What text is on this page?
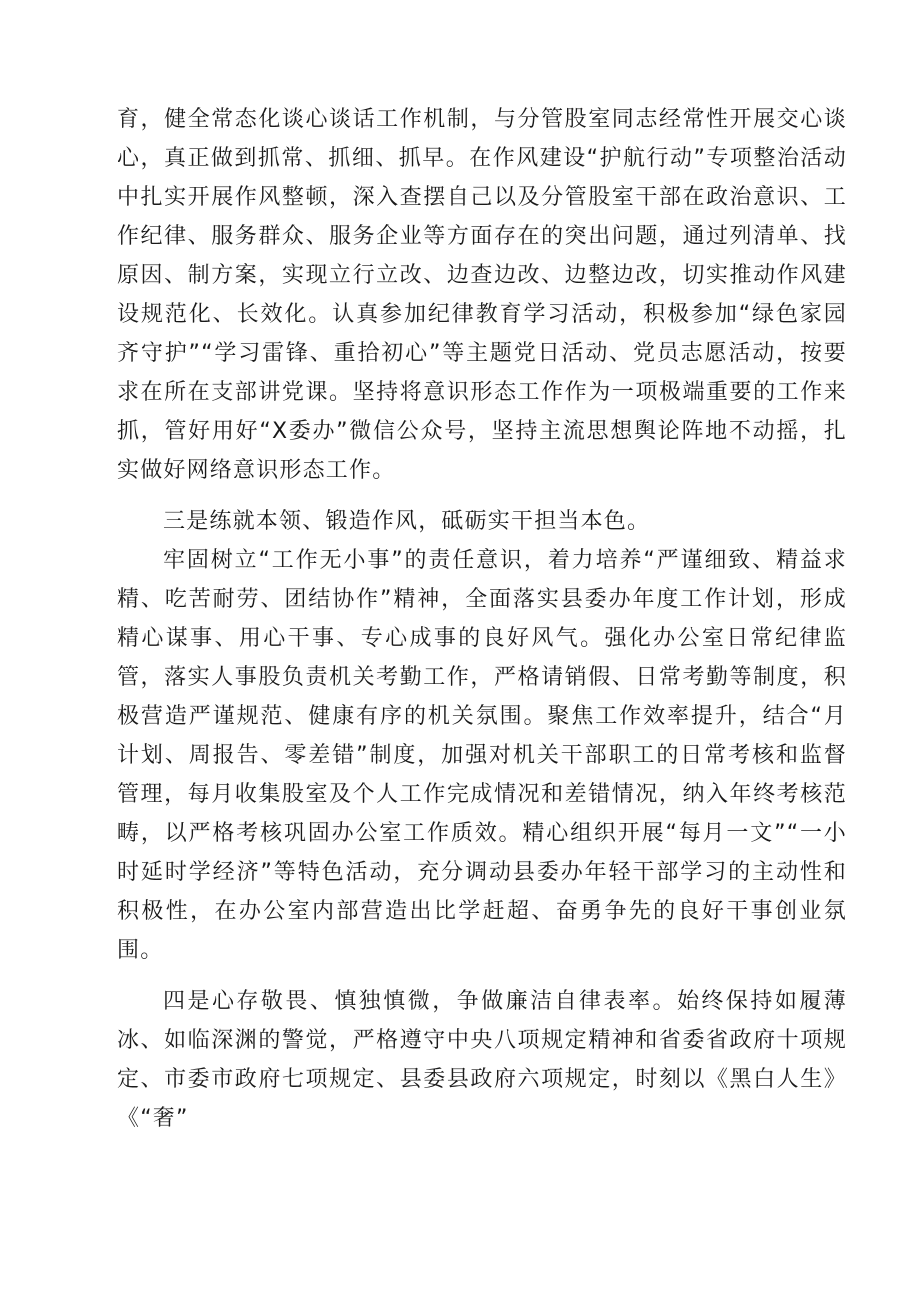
育，健全常态化谈心谈话工作机制，与分管股室同志经常性开展交心谈心，真正做到抓常、抓细、抓早。在作风建设“护航行动”专项整治活动中扎实开展作风整顿，深入查摆自己以及分管股室干部在政治意识、工作纪律、服务群众、服务企业等方面存在的突出问题，通过列清单、找原因、制方案，实现立行立改、边查边改、边整边改，切实推动作风建设规范化、长效化。认真参加纪律教育学习活动，积极参加“绿色家园齐守护”“学习雷锋、重拾初心”等主题党日活动、党员志愿活动，按要求在所在支部讲党课。坚持将意识形态工作作为一项极端重要的工作来抓，管好用好“X委办”微信公众号，坚持主流思想舆论阵地不动摇，扎实做好网络意识形态工作。

三是练就本领、锻造作风，砥砺实干担当本色。

牢固树立“工作无小事”的责任意识，着力培养“严谨细致、精益求精、吃苦耐劳、团结协作”精神，全面落实县委办年度工作计划，形成精心谋事、用心干事、专心成事的良好风气。强化办公室日常纪律监管，落实人事股负责机关考勤工作，严格请销假、日常考勤等制度，积极营造严谨规范、健康有序的机关氛围。聚焦工作效率提升，结合“月计划、周报告、零差错”制度，加强对机关干部职工的日常考核和监督管理，每月收集股室及个人工作完成情况和差错情况，纳入年终考核范畴，以严格考核巩固办公室工作质效。精心组织开展“每月一文”“一小时延时学经济”等特色活动，充分调动县委办年轻干部学习的主动性和积极性，在办公室内部营造出比学赶超、奋勇争先的良好干事创业氛围。

四是心存敬畏、慎独慎微，争做廉洁自律表率。始终保持如履薄冰、如临深渊的警觉，严格遵守中央八项规定精神和省委省政府十项规定、市委市政府七项规定、县委县政府六项规定，时刻以《黑白人生》《“奢”
